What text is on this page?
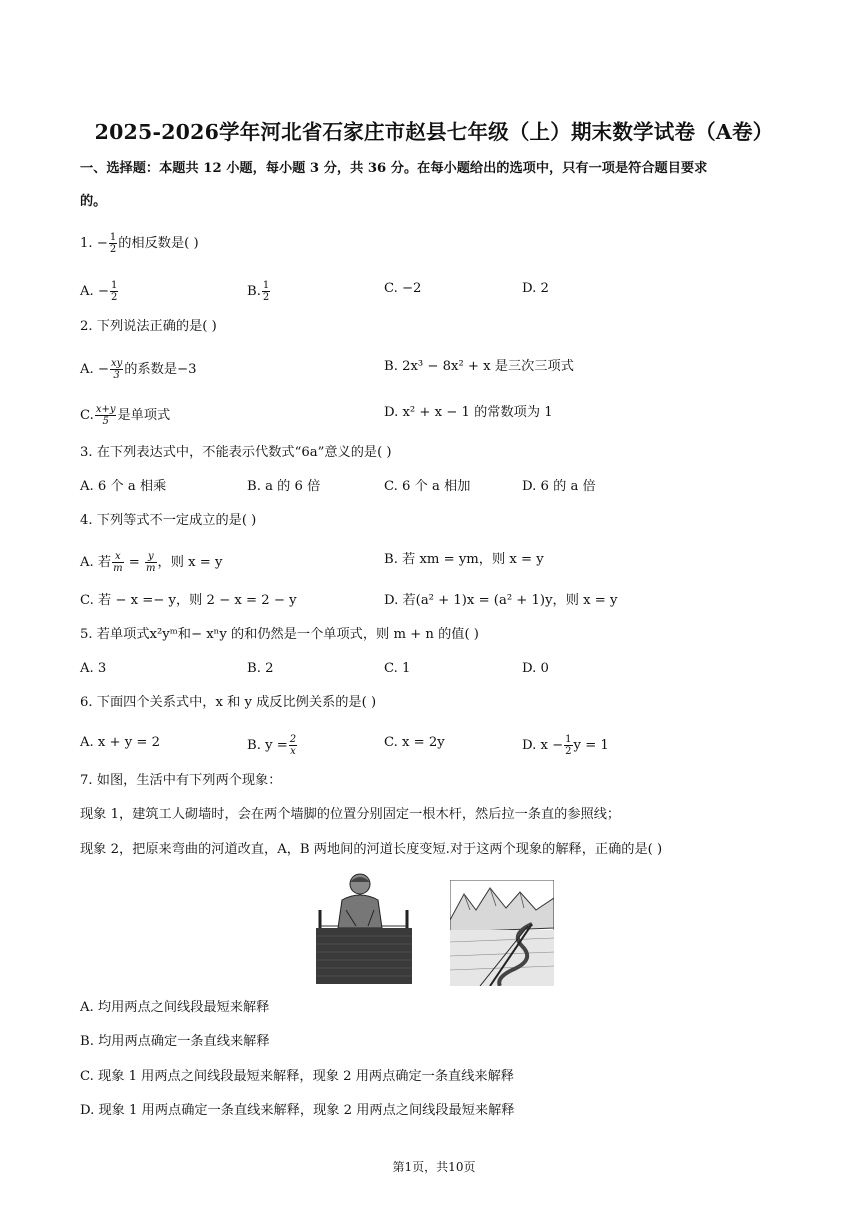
2025-2026学年河北省石家庄市赵县七年级（上）期末数学试卷（A卷）
一、选择题：本题共 12 小题，每小题 3 分，共 36 分。在每小题给出的选项中，只有一项是符合题目要求
的。
1. − $\frac{1}{2}$ 的相反数是( )
A. − $\frac{1}{2}$	B. $\frac{1}{2}$	C. −2	D. 2
2. 下列说法正确的是( )
A. − $\frac{xy}{3}$ 的系数是−3	B. 2x³ − 8x² + x 是三次三项式
C. $\frac{x+y}{5}$ 是单项式	D. x² + x − 1 的常数项为 1
3. 在下列表达式中，不能表示代数式“6a”意义的是( )
A. 6 个 a 相乘	B. a 的 6 倍	C. 6 个 a 相加	D. 6 的 a 倍
4. 下列等式不一定成立的是( )
A. 若 $\frac{x}{m} = \frac{y}{m}$ ，则 x = y	B. 若 xm = ym，则 x = y
C. 若 − x =− y，则 2 − x = 2 − y	D. 若(a² + 1)x = (a² + 1)y，则 x = y
5. 若单项式x²yᵐ和− xⁿy 的和仍然是一个单项式，则 m + n 的值( )
A. 3	B. 2	C. 1	D. 0
6. 下面四个关系式中，x 和 y 成反比例关系的是( )
A. x + y = 2	B. $y = \frac{2}{x}$	C. x = 2y	D. $x - \frac{1}{2}$ y = 1
7. 如图，生活中有下列两个现象：
现象 1，建筑工人砌墙时，会在两个墙脚的位置分别固定一根木杆，然后拉一条直的参照线；
现象 2，把原来弯曲的河道改直，A，B 两地间的河道长度变短.对于这两个现象的解释，正确的是( )
A. 均用两点之间线段最短来解释
B. 均用两点确定一条直线来解释
C. 现象 1 用两点之间线段最短来解释，现象 2 用两点确定一条直线来解释
D. 现象 1 用两点确定一条直线来解释，现象 2 用两点之间线段最短来解释
第1页，共10页
